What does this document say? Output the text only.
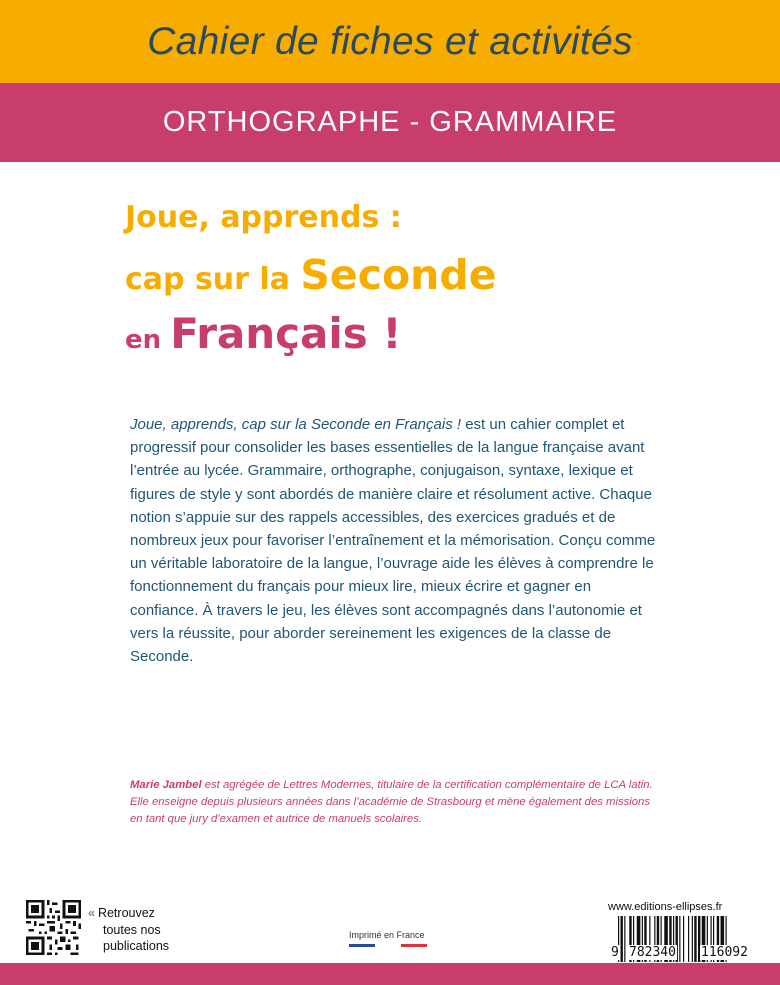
Cahier de fiches et activités
ORTHOGRAPHE - GRAMMAIRE
Joue, apprends :
cap sur la Seconde
en Français !

Joue, apprends, cap sur la Seconde en Français ! est un cahier complet et progressif pour consolider les bases essentielles de la langue française avant l’entrée au lycée. Grammaire, orthographe, conjugaison, syntaxe, lexique et figures de style y sont abordés de manière claire et résolument active. Chaque notion s’appuie sur des rappels accessibles, des exercices gradués et de nombreux jeux pour favoriser l’entraînement et la mémorisation. Conçu comme un véritable laboratoire de la langue, l’ouvrage aide les élèves à comprendre le fonctionnement du français pour mieux lire, mieux écrire et gagner en confiance. À travers le jeu, les élèves sont accompagnés dans l’autonomie et vers la réussite, pour aborder sereinement les exigences de la classe de Seconde.

Marie Jambel est agrégée de Lettres Modernes, titulaire de la certification complémentaire de LCA latin. Elle enseigne depuis plusieurs années dans l’académie de Strasbourg et mène également des missions en tant que jury d’examen et autrice de manuels scolaires.

« Retrouvez
toutes nos
publications
Imprimé en France
www.editions-ellipses.fr
9 782340 116092
